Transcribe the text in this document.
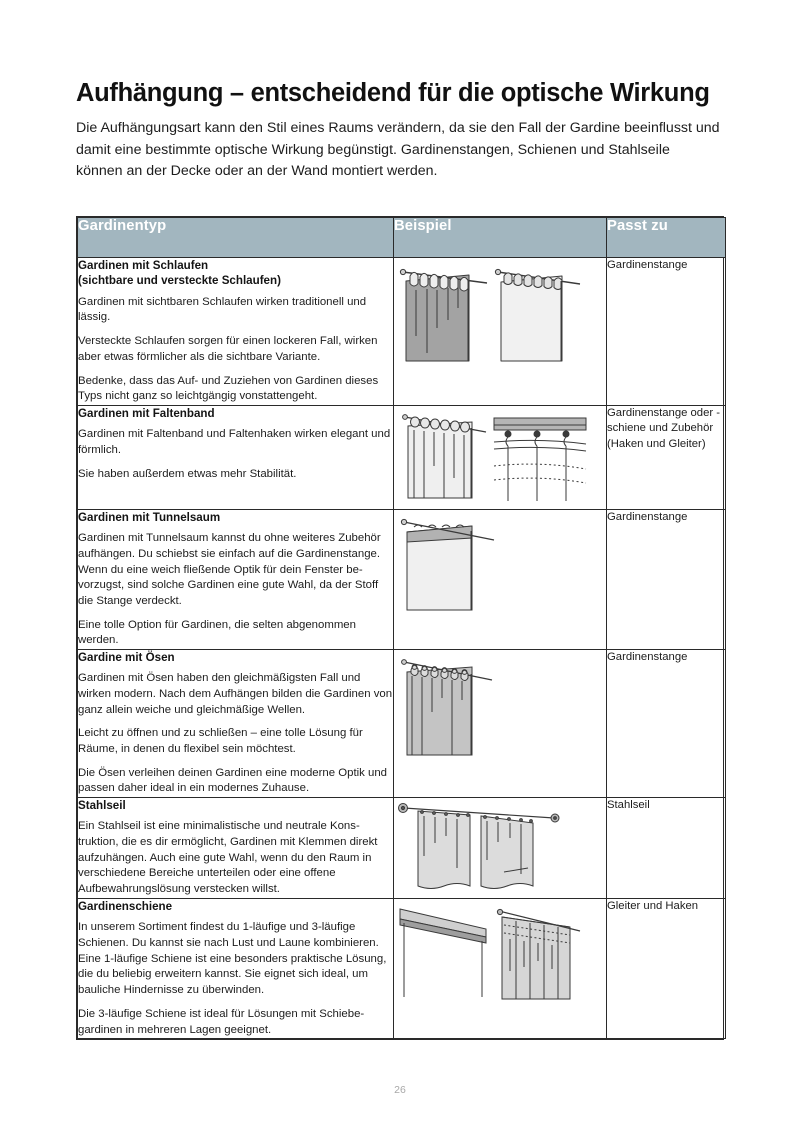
Aufhängung – entscheidend für die optische Wirkung

Die Aufhängungsart kann den Stil eines Raums verändern, da sie den Fall der Gardine beeinflusst und damit eine bestimmte optische Wirkung begünstigt. Gardinenstangen, Schienen und Stahlseile können an der Decke oder an der Wand montiert werden.

Gardinentyp	Beispiel	Passt zu

Gardinen mit Schlaufen
(sichtbare und versteckte Schlaufen)

Gardinen mit sichtbaren Schlaufen wirken traditionell und lässig.

Versteckte Schlaufen sorgen für einen lockeren Fall, wirken aber etwas förmlicher als die sichtbare Variante.

Bedenke, dass das Auf- und Zuziehen von Gardinen dieses Typs nicht ganz so leichtgängig vonstattengeht.		Gardinenstange

Gardinen mit Faltenband

Gardinen mit Faltenband und Faltenhaken wirken elegant und förmlich.

Sie haben außerdem etwas mehr Stabilität.		Gardinenstange oder -schiene und Zubehör (Haken und Gleiter)

Gardinen mit Tunnelsaum

Gardinen mit Tunnelsaum kannst du ohne weiteres Zubehör aufhängen. Du schiebst sie einfach auf die Gardinenstange. Wenn du eine weich fließende Optik für dein Fenster be-vorzugst, sind solche Gardinen eine gute Wahl, da der Stoff die Stange verdeckt.

Eine tolle Option für Gardinen, die selten abgenommen werden.		Gardinenstange

Gardine mit Ösen

Gardinen mit Ösen haben den gleichmäßigsten Fall und wirken modern. Nach dem Aufhängen bilden die Gardinen von ganz allein weiche und gleichmäßige Wellen.

Leicht zu öffnen und zu schließen – eine tolle Lösung für Räume, in denen du flexibel sein möchtest.

Die Ösen verleihen deinen Gardinen eine moderne Optik und passen daher ideal in ein modernes Zuhause.		Gardinenstange

Stahlseil

Ein Stahlseil ist eine minimalistische und neutrale Kons-truktion, die es dir ermöglicht, Gardinen mit Klemmen direkt aufzuhängen. Auch eine gute Wahl, wenn du den Raum in verschiedene Bereiche unterteilen oder eine offene Aufbewahrungslösung verstecken willst.		Stahlseil

Gardinenschiene

In unserem Sortiment findest du 1-läufige und 3-läufige Schienen. Du kannst sie nach Lust und Laune kombinieren. Eine 1-läufige Schiene ist eine besonders praktische Lösung, die du beliebig erweitern kannst. Sie eignet sich ideal, um bauliche Hindernisse zu überwinden.

Die 3-läufige Schiene ist ideal für Lösungen mit Schiebe-gardinen in mehreren Lagen geeignet.		Gleiter und Haken
26
